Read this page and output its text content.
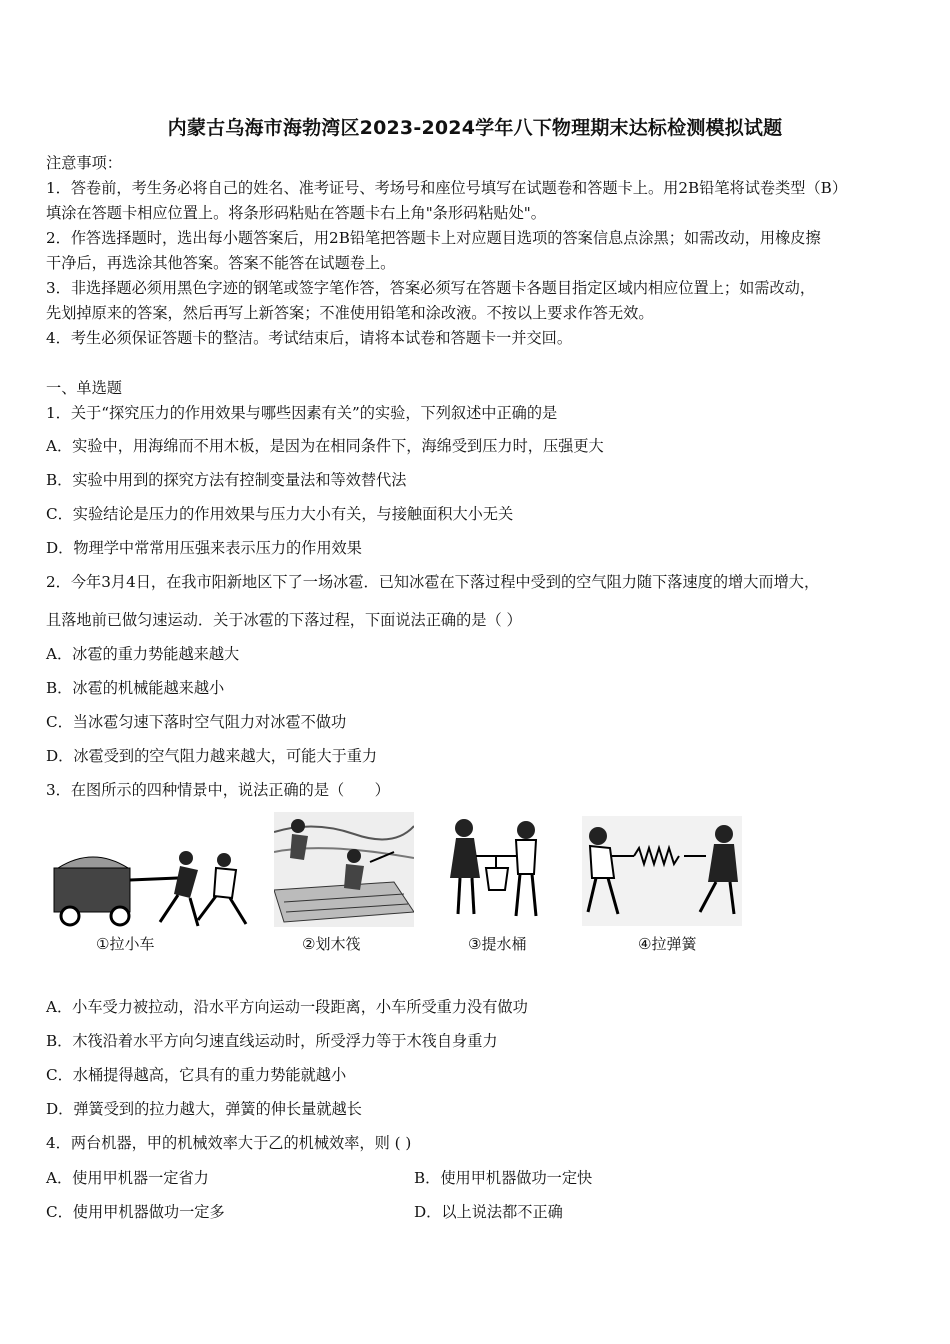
内蒙古乌海市海勃湾区2023-2024学年八下物理期末达标检测模拟试题
注意事项：
1．答卷前，考生务必将自己的姓名、准考证号、考场号和座位号填写在试题卷和答题卡上。用2B铅笔将试卷类型（B）
填涂在答题卡相应位置上。将条形码粘贴在答题卡右上角"条形码粘贴处"。
2．作答选择题时，选出每小题答案后，用2B铅笔把答题卡上对应题目选项的答案信息点涂黑；如需改动，用橡皮擦
干净后，再选涂其他答案。答案不能答在试题卷上。
3．非选择题必须用黑色字迹的钢笔或签字笔作答，答案必须写在答题卡各题目指定区域内相应位置上；如需改动，
先划掉原来的答案，然后再写上新答案；不准使用铅笔和涂改液。不按以上要求作答无效。
4．考生必须保证答题卡的整洁。考试结束后，请将本试卷和答题卡一并交回。
一、单选题
1．关于“探究压力的作用效果与哪些因素有关”的实验，下列叙述中正确的是
A．实验中，用海绵而不用木板，是因为在相同条件下，海绵受到压力时，压强更大
B．实验中用到的探究方法有控制变量法和等效替代法
C．实验结论是压力的作用效果与压力大小有关，与接触面积大小无关
D．物理学中常常用压强来表示压力的作用效果
2．今年3月4日，在我市阳新地区下了一场冰雹．已知冰雹在下落过程中受到的空气阻力随下落速度的增大而增大，
且落地前已做匀速运动．关于冰雹的下落过程，下面说法正确的是（ ）
A．冰雹的重力势能越来越大
B．冰雹的机械能越来越小
C．当冰雹匀速下落时空气阻力对冰雹不做功
D．冰雹受到的空气阻力越来越大，可能大于重力
3．在图所示的四种情景中，说法正确的是（　　）
①拉小车	②划木筏	③提水桶	④拉弹簧
A．小车受力被拉动，沿水平方向运动一段距离，小车所受重力没有做功
B．木筏沿着水平方向匀速直线运动时，所受浮力等于木筏自身重力
C．水桶提得越高，它具有的重力势能就越小
D．弹簧受到的拉力越大，弹簧的伸长量就越长
4．两台机器，甲的机械效率大于乙的机械效率，则 ( )
A．使用甲机器一定省力	B．使用甲机器做功一定快
C．使用甲机器做功一定多	D．以上说法都不正确
